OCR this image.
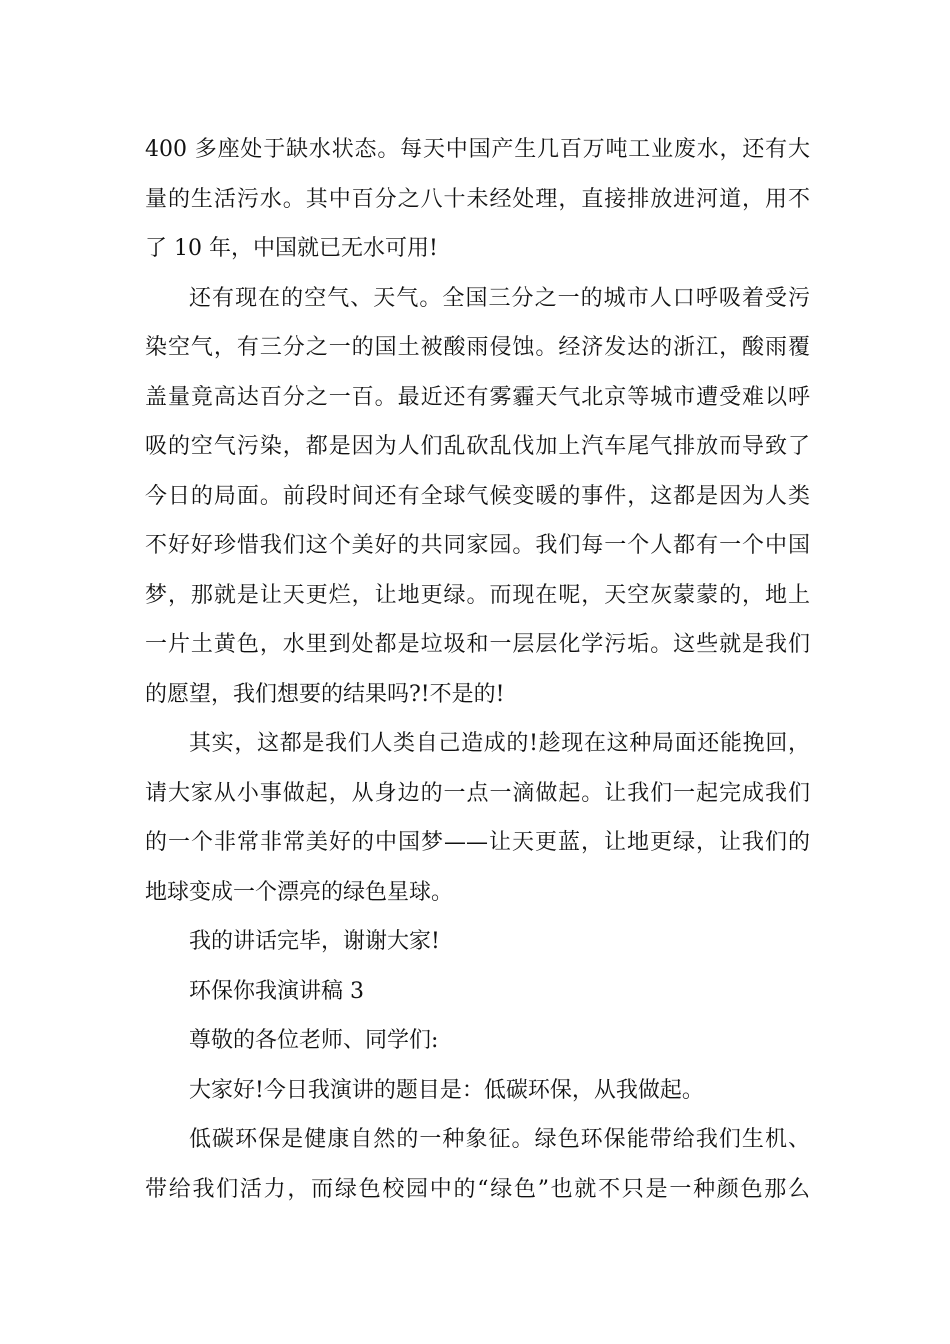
400 多座处于缺水状态。每天中国产生几百万吨工业废水，还有大
量的生活污水。其中百分之八十未经处理，直接排放进河道，用不
了 10 年，中国就已无水可用!
还有现在的空气、天气。全国三分之一的城市人口呼吸着受污
染空气，有三分之一的国土被酸雨侵蚀。经济发达的浙江，酸雨覆
盖量竟高达百分之一百。最近还有雾霾天气北京等城市遭受难以呼
吸的空气污染，都是因为人们乱砍乱伐加上汽车尾气排放而导致了
今日的局面。前段时间还有全球气候变暖的事件，这都是因为人类
不好好珍惜我们这个美好的共同家园。我们每一个人都有一个中国
梦，那就是让天更烂，让地更绿。而现在呢，天空灰蒙蒙的，地上
一片土黄色，水里到处都是垃圾和一层层化学污垢。这些就是我们
的愿望，我们想要的结果吗?!不是的!
其实，这都是我们人类自己造成的!趁现在这种局面还能挽回，
请大家从小事做起，从身边的一点一滴做起。让我们一起完成我们
的一个非常非常美好的中国梦——让天更蓝，让地更绿，让我们的
地球变成一个漂亮的绿色星球。
我的讲话完毕，谢谢大家!
环保你我演讲稿 3
尊敬的各位老师、同学们:
大家好!今日我演讲的题目是：低碳环保，从我做起。
低碳环保是健康自然的一种象征。绿色环保能带给我们生机、
带给我们活力，而绿色校园中的“绿色”也就不只是一种颜色那么
